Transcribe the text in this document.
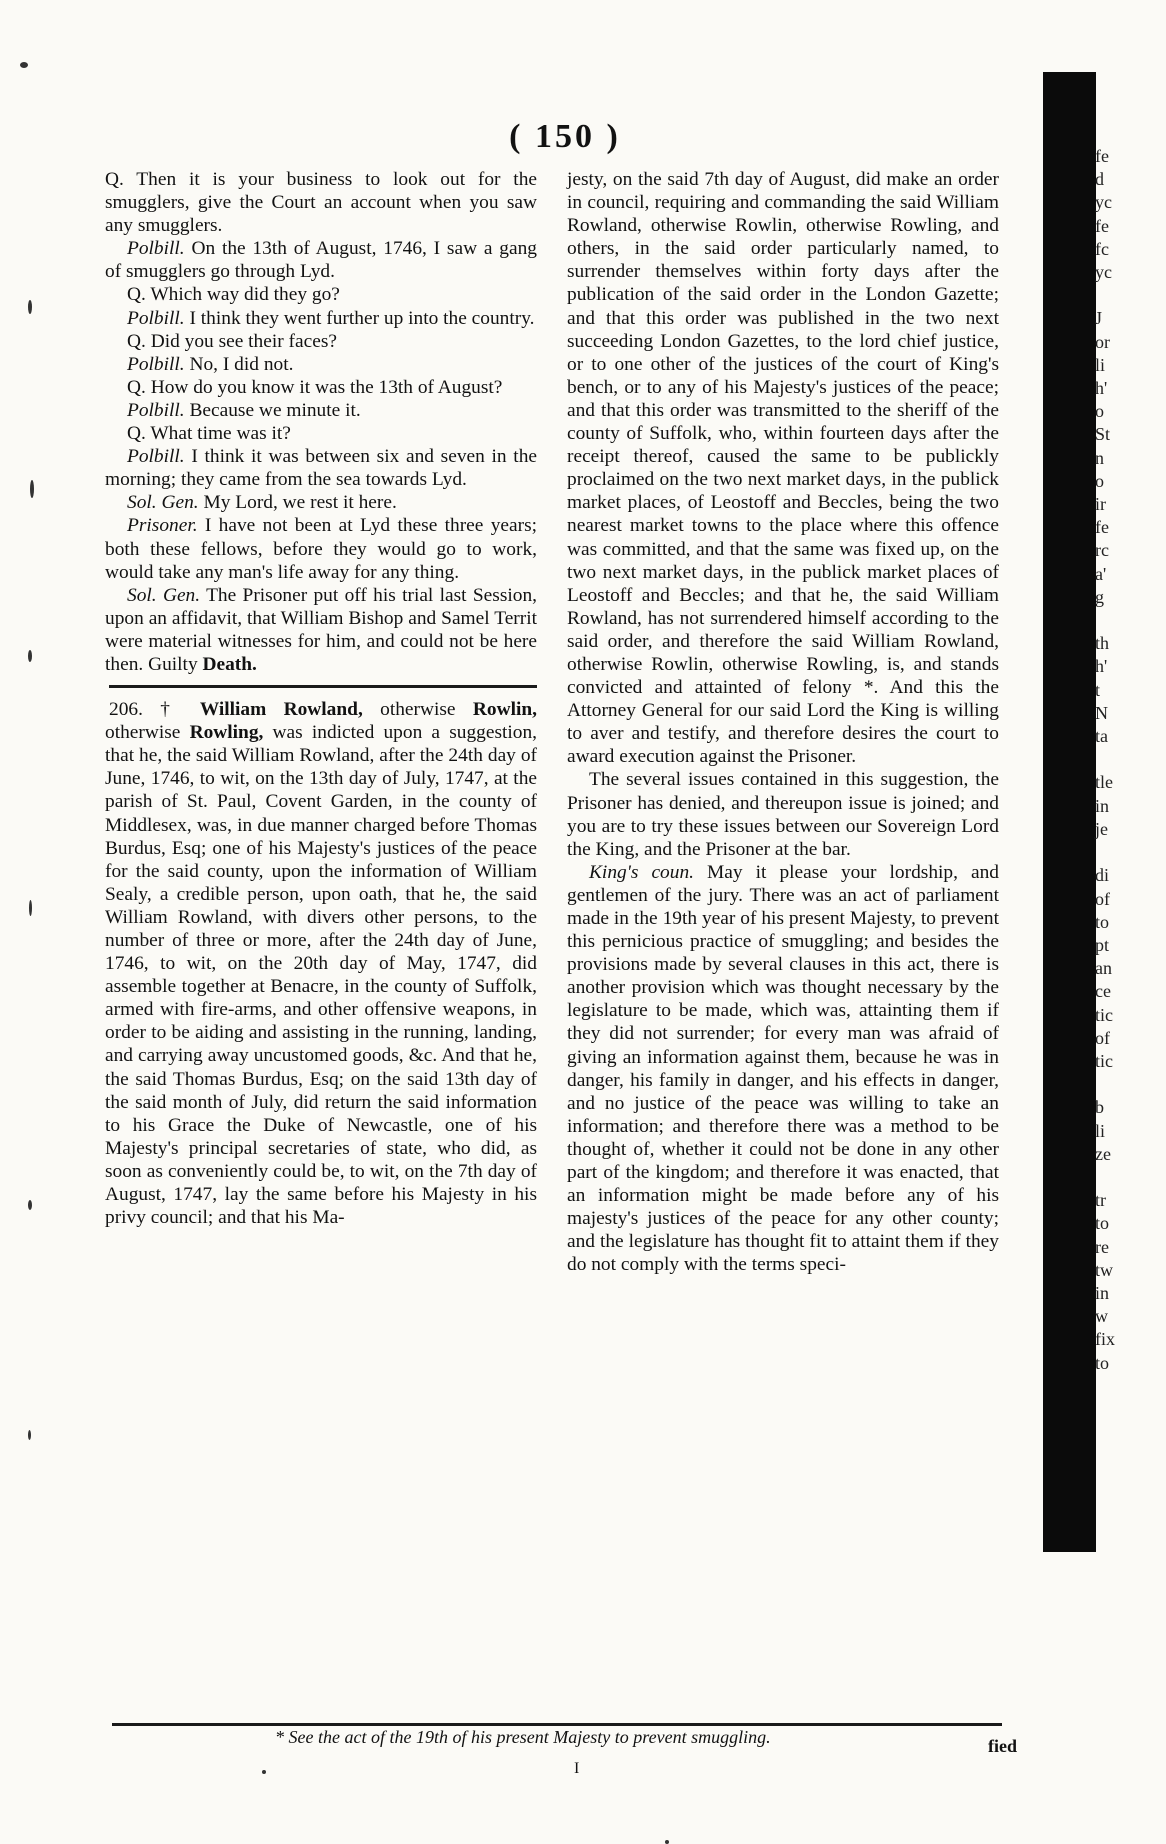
( 150 )

Q. Then it is your business to look out for the smugglers, give the Court an account when you saw any smugglers.

Polbill. On the 13th of August, 1746, I saw a gang of smugglers go through Lyd.

Q. Which way did they go?

Polbill. I think they went further up into the country.

Q. Did you see their faces?

Polbill. No, I did not.

Q. How do you know it was the 13th of August?

Polbill. Because we minute it.

Q. What time was it?

Polbill. I think it was between six and seven in the morning; they came from the sea towards Lyd.

Sol. Gen. My Lord, we rest it here.

Prisoner. I have not been at Lyd these three years; both these fellows, before they would go to work, would take any man's life away for any thing.

Sol. Gen. The Prisoner put off his trial last Session, upon an affidavit, that William Bishop and Samel Territ were material witnesses for him, and could not be here then. Guilty Death.

206. † William Rowland, otherwise Rowlin, otherwise Rowling, was indicted upon a suggestion, that he, the said William Rowland, after the 24th day of June, 1746, to wit, on the 13th day of July, 1747, at the parish of St. Paul, Covent Garden, in the county of Middlesex, was, in due manner charged before Thomas Burdus, Esq; one of his Majesty's justices of the peace for the said county, upon the information of William Sealy, a credible person, upon oath, that he, the said William Rowland, with divers other persons, to the number of three or more, after the 24th day of June, 1746, to wit, on the 20th day of May, 1747, did assemble together at Benacre, in the county of Suffolk, armed with fire-arms, and other offensive weapons, in order to be aiding and assisting in the running, landing, and carrying away uncustomed goods, &c. And that he, the said Thomas Burdus, Esq; on the said 13th day of the said month of July, did return the said information to his Grace the Duke of Newcastle, one of his Majesty's principal secretaries of state, who did, as soon as conveniently could be, to wit, on the 7th day of August, 1747, lay the same before his Majesty in his privy council; and that his Ma-

jesty, on the said 7th day of August, did make an order in council, requiring and commanding the said William Rowland, otherwise Rowlin, otherwise Rowling, and others, in the said order particularly named, to surrender themselves within forty days after the publication of the said order in the London Gazette; and that this order was published in the two next succeeding London Gazettes, to the lord chief justice, or to one other of the justices of the court of King's bench, or to any of his Majesty's justices of the peace; and that this order was transmitted to the sheriff of the county of Suffolk, who, within fourteen days after the receipt thereof, caused the same to be publickly proclaimed on the two next market days, in the publick market places, of Leostoff and Beccles, being the two nearest market towns to the place where this offence was committed, and that the same was fixed up, on the two next market days, in the publick market places of Leostoff and Beccles; and that he, the said William Rowland, has not surrendered himself according to the said order, and therefore the said William Rowland, otherwise Rowlin, otherwise Rowling, is, and stands convicted and attainted of felony *. And this the Attorney General for our said Lord the King is willing to aver and testify, and therefore desires the court to award execution against the Prisoner.

The several issues contained in this suggestion, the Prisoner has denied, and thereupon issue is joined; and you are to try these issues between our Sovereign Lord the King, and the Prisoner at the bar.

King's coun. May it please your lordship, and gentlemen of the jury. There was an act of parliament made in the 19th year of his present Majesty, to prevent this pernicious practice of smuggling; and besides the provisions made by several clauses in this act, there is another provision which was thought necessary by the legislature to be made, which was, attainting them if they did not surrender; for every man was afraid of giving an information against them, because he was in danger, his family in danger, and his effects in danger, and no justice of the peace was willing to take an information; and therefore there was a method to be thought of, whether it could not be done in any other part of the kingdom; and therefore it was enacted, that an information might be made before any of his majesty's justices of the peace for any other county; and the legislature has thought fit to attaint them if they do not comply with the terms speci-

* See the act of the 19th of his present Majesty to prevent smuggling.
I
fied
fe
d
yc
fe
fc
yc

J
or
li
h'
o
St
n
o
ir
fe
rc
a'
g

th
h'
t
N
ta

tle
in
je

di
of
to
pt
an
ce
tic
of
tic

b
li
ze

tr
to
re
tw
in
w
fix
to
